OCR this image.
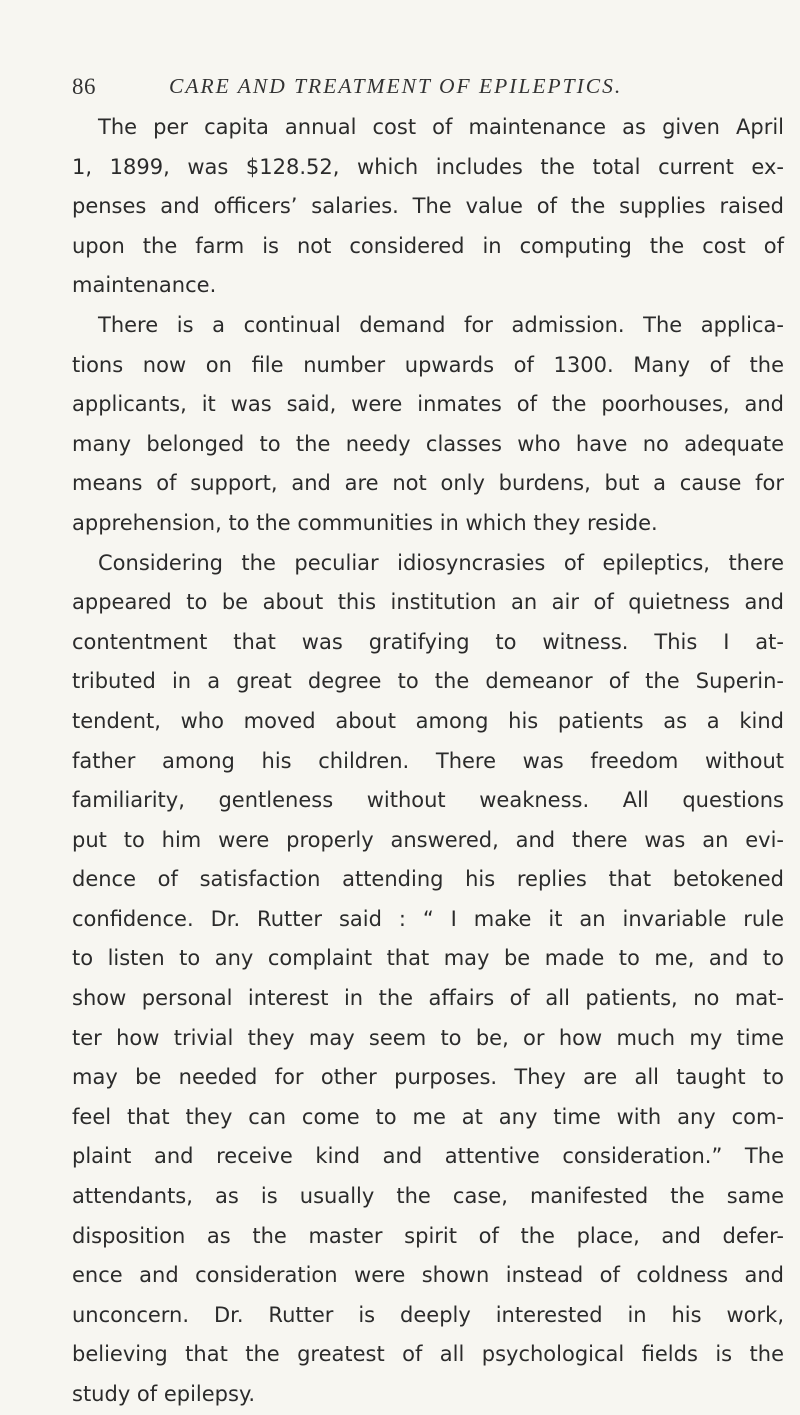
86	CARE AND TREATMENT OF EPILEPTICS.
The per capita annual cost of maintenance as given April
1, 1899, was $128.52, which includes the total current ex-
penses and officers’ salaries. The value of the supplies raised
upon the farm is not considered in computing the cost of
maintenance.
There is a continual demand for admission. The applica-
tions now on file number upwards of 1300. Many of the
applicants, it was said, were inmates of the poorhouses, and
many belonged to the needy classes who have no adequate
means of support, and are not only burdens, but a cause for
apprehension, to the communities in which they reside.
Considering the peculiar idiosyncrasies of epileptics, there
appeared to be about this institution an air of quietness and
contentment that was gratifying to witness. This I at-
tributed in a great degree to the demeanor of the Superin-
tendent, who moved about among his patients as a kind
father among his children. There was freedom without
familiarity, gentleness without weakness. All questions
put to him were properly answered, and there was an evi-
dence of satisfaction attending his replies that betokened
confidence. Dr. Rutter said : “ I make it an invariable rule
to listen to any complaint that may be made to me, and to
show personal interest in the affairs of all patients, no mat-
ter how trivial they may seem to be, or how much my time
may be needed for other purposes. They are all taught to
feel that they can come to me at any time with any com-
plaint and receive kind and attentive consideration.” The
attendants, as is usually the case, manifested the same
disposition as the master spirit of the place, and defer-
ence and consideration were shown instead of coldness and
unconcern. Dr. Rutter is deeply interested in his work,
believing that the greatest of all psychological fields is the
study of epilepsy.
